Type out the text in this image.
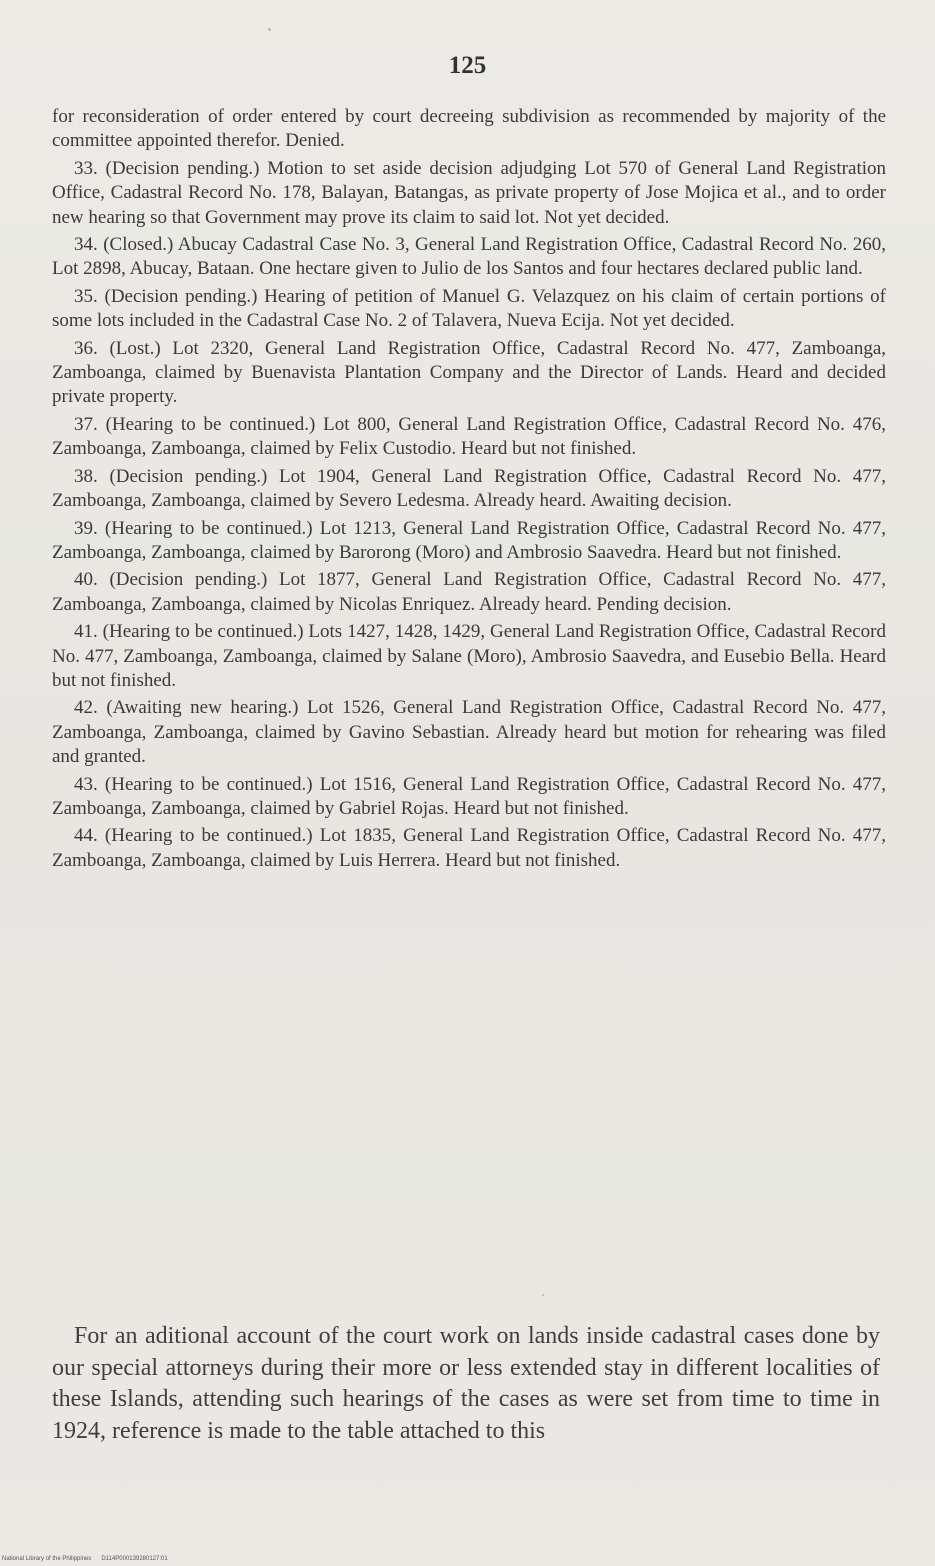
125

for reconsideration of order entered by court decreeing subdivision as recommended by majority of the committee appointed therefor. Denied.

33. (Decision pending.) Motion to set aside decision adjudging Lot 570 of General Land Registration Office, Cadastral Record No. 178, Balayan, Batangas, as private property of Jose Mojica et al., and to order new hearing so that Government may prove its claim to said lot. Not yet decided.

34. (Closed.) Abucay Cadastral Case No. 3, General Land Registration Office, Cadastral Record No. 260, Lot 2898, Abucay, Bataan. One hectare given to Julio de los Santos and four hectares declared public land.

35. (Decision pending.) Hearing of petition of Manuel G. Velazquez on his claim of certain portions of some lots included in the Cadastral Case No. 2 of Talavera, Nueva Ecija. Not yet decided.

36. (Lost.) Lot 2320, General Land Registration Office, Cadastral Record No. 477, Zamboanga, Zamboanga, claimed by Buenavista Plantation Company and the Director of Lands. Heard and decided private property.

37. (Hearing to be continued.) Lot 800, General Land Registration Office, Cadastral Record No. 476, Zamboanga, Zamboanga, claimed by Felix Custodio. Heard but not finished.

38. (Decision pending.) Lot 1904, General Land Registration Office, Cadastral Record No. 477, Zamboanga, Zamboanga, claimed by Severo Ledesma. Already heard. Awaiting decision.

39. (Hearing to be continued.) Lot 1213, General Land Registration Office, Cadastral Record No. 477, Zamboanga, Zamboanga, claimed by Barorong (Moro) and Ambrosio Saavedra. Heard but not finished.

40. (Decision pending.) Lot 1877, General Land Registration Office, Cadastral Record No. 477, Zamboanga, Zamboanga, claimed by Nicolas Enriquez. Already heard. Pending decision.

41. (Hearing to be continued.) Lots 1427, 1428, 1429, General Land Registration Office, Cadastral Record No. 477, Zamboanga, Zamboanga, claimed by Salane (Moro), Ambrosio Saavedra, and Eusebio Bella. Heard but not finished.

42. (Awaiting new hearing.) Lot 1526, General Land Registration Office, Cadastral Record No. 477, Zamboanga, Zamboanga, claimed by Gavino Sebastian. Already heard but motion for rehearing was filed and granted.

43. (Hearing to be continued.) Lot 1516, General Land Registration Office, Cadastral Record No. 477, Zamboanga, Zamboanga, claimed by Gabriel Rojas. Heard but not finished.

44. (Hearing to be continued.) Lot 1835, General Land Registration Office, Cadastral Record No. 477, Zamboanga, Zamboanga, claimed by Luis Herrera. Heard but not finished.

For an aditional account of the court work on lands inside cadastral cases done by our special attorneys during their more or less extended stay in different localities of these Islands, attending such hearings of the cases as were set from time to time in 1924, reference is made to the table attached to this

National Library of the Philippines D114P000139280127:01
